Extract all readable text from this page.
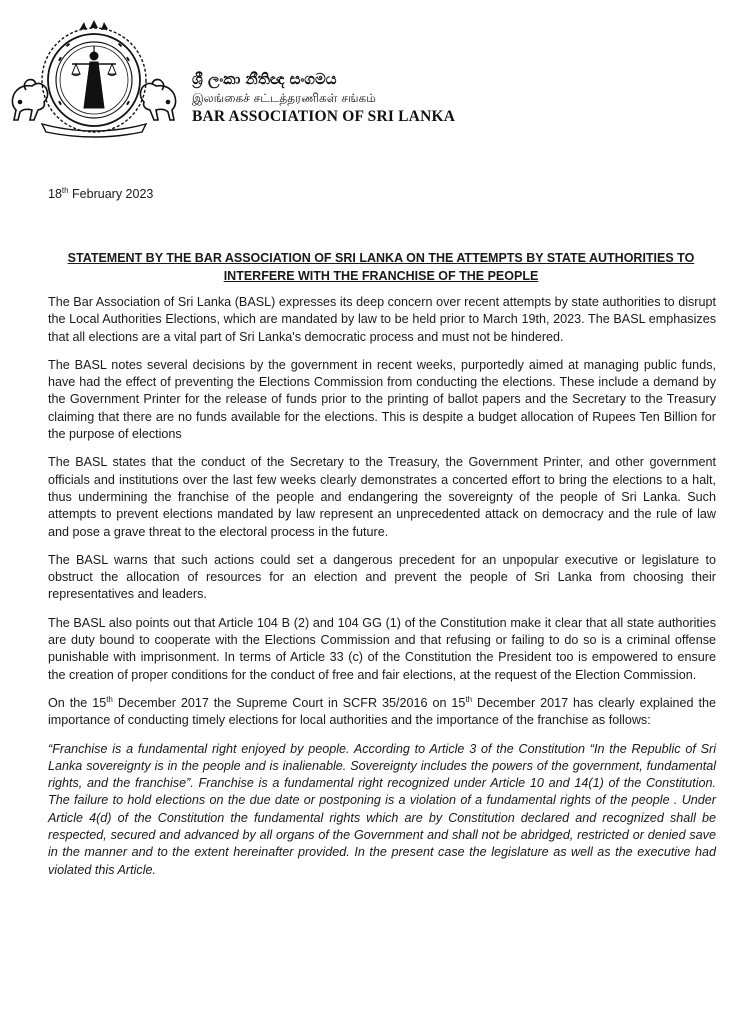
ශ්‍රී ලංකා නීතිඥ සංගමය
இலங்கைச் சட்டத்தரணிகள் சங்கம்
BAR ASSOCIATION OF SRI LANKA
18th February 2023
STATEMENT BY THE BAR ASSOCIATION OF SRI LANKA ON THE ATTEMPTS BY STATE AUTHORITIES TO INTERFERE WITH THE FRANCHISE OF THE PEOPLE

The Bar Association of Sri Lanka (BASL) expresses its deep concern over recent attempts by state authorities to disrupt the Local Authorities Elections, which are mandated by law to be held prior to March 19th, 2023. The BASL emphasizes that all elections are a vital part of Sri Lanka's democratic process and must not be hindered.

The BASL notes several decisions by the government in recent weeks, purportedly aimed at managing public funds, have had the effect of preventing the Elections Commission from conducting the elections. These include a demand by the Government Printer for the release of funds prior to the printing of ballot papers and the Secretary to the Treasury claiming that there are no funds available for the elections. This is despite a budget allocation of Rupees Ten Billion for the purpose of elections

The BASL states that the conduct of the Secretary to the Treasury, the Government Printer, and other government officials and institutions over the last few weeks clearly demonstrates a concerted effort to bring the elections to a halt, thus undermining the franchise of the people and endangering the sovereignty of the people of Sri Lanka. Such attempts to prevent elections mandated by law represent an unprecedented attack on democracy and the rule of law and pose a grave threat to the electoral process in the future.

The BASL warns that such actions could set a dangerous precedent for an unpopular executive or legislature to obstruct the allocation of resources for an election and prevent the people of Sri Lanka from choosing their representatives and leaders.

The BASL also points out that Article 104 B (2) and 104 GG (1) of the Constitution make it clear that all state authorities are duty bound to cooperate with the Elections Commission and that refusing or failing to do so is a criminal offense punishable with imprisonment. In terms of Article 33 (c) of the Constitution the President too is empowered to ensure the creation of proper conditions for the conduct of free and fair elections, at the request of the Election Commission.

On the 15th December 2017 the Supreme Court in SCFR 35/2016 on 15th December 2017 has clearly explained the importance of conducting timely elections for local authorities and the importance of the franchise as follows:

“Franchise is a fundamental right enjoyed by people. According to Article 3 of the Constitution “In the Republic of Sri Lanka sovereignty is in the people and is inalienable. Sovereignty includes the powers of the government, fundamental rights, and the franchise”. Franchise is a fundamental right recognized under Article 10 and 14(1) of the Constitution. The failure to hold elections on the due date or postponing is a violation of a fundamental rights of the people . Under Article 4(d) of the Constitution the fundamental rights which are by Constitution declared and recognized shall be respected, secured and advanced by all organs of the Government and shall not be abridged, restricted or denied save in the manner and to the extent hereinafter provided. In the present case the legislature as well as the executive had violated this Article.
